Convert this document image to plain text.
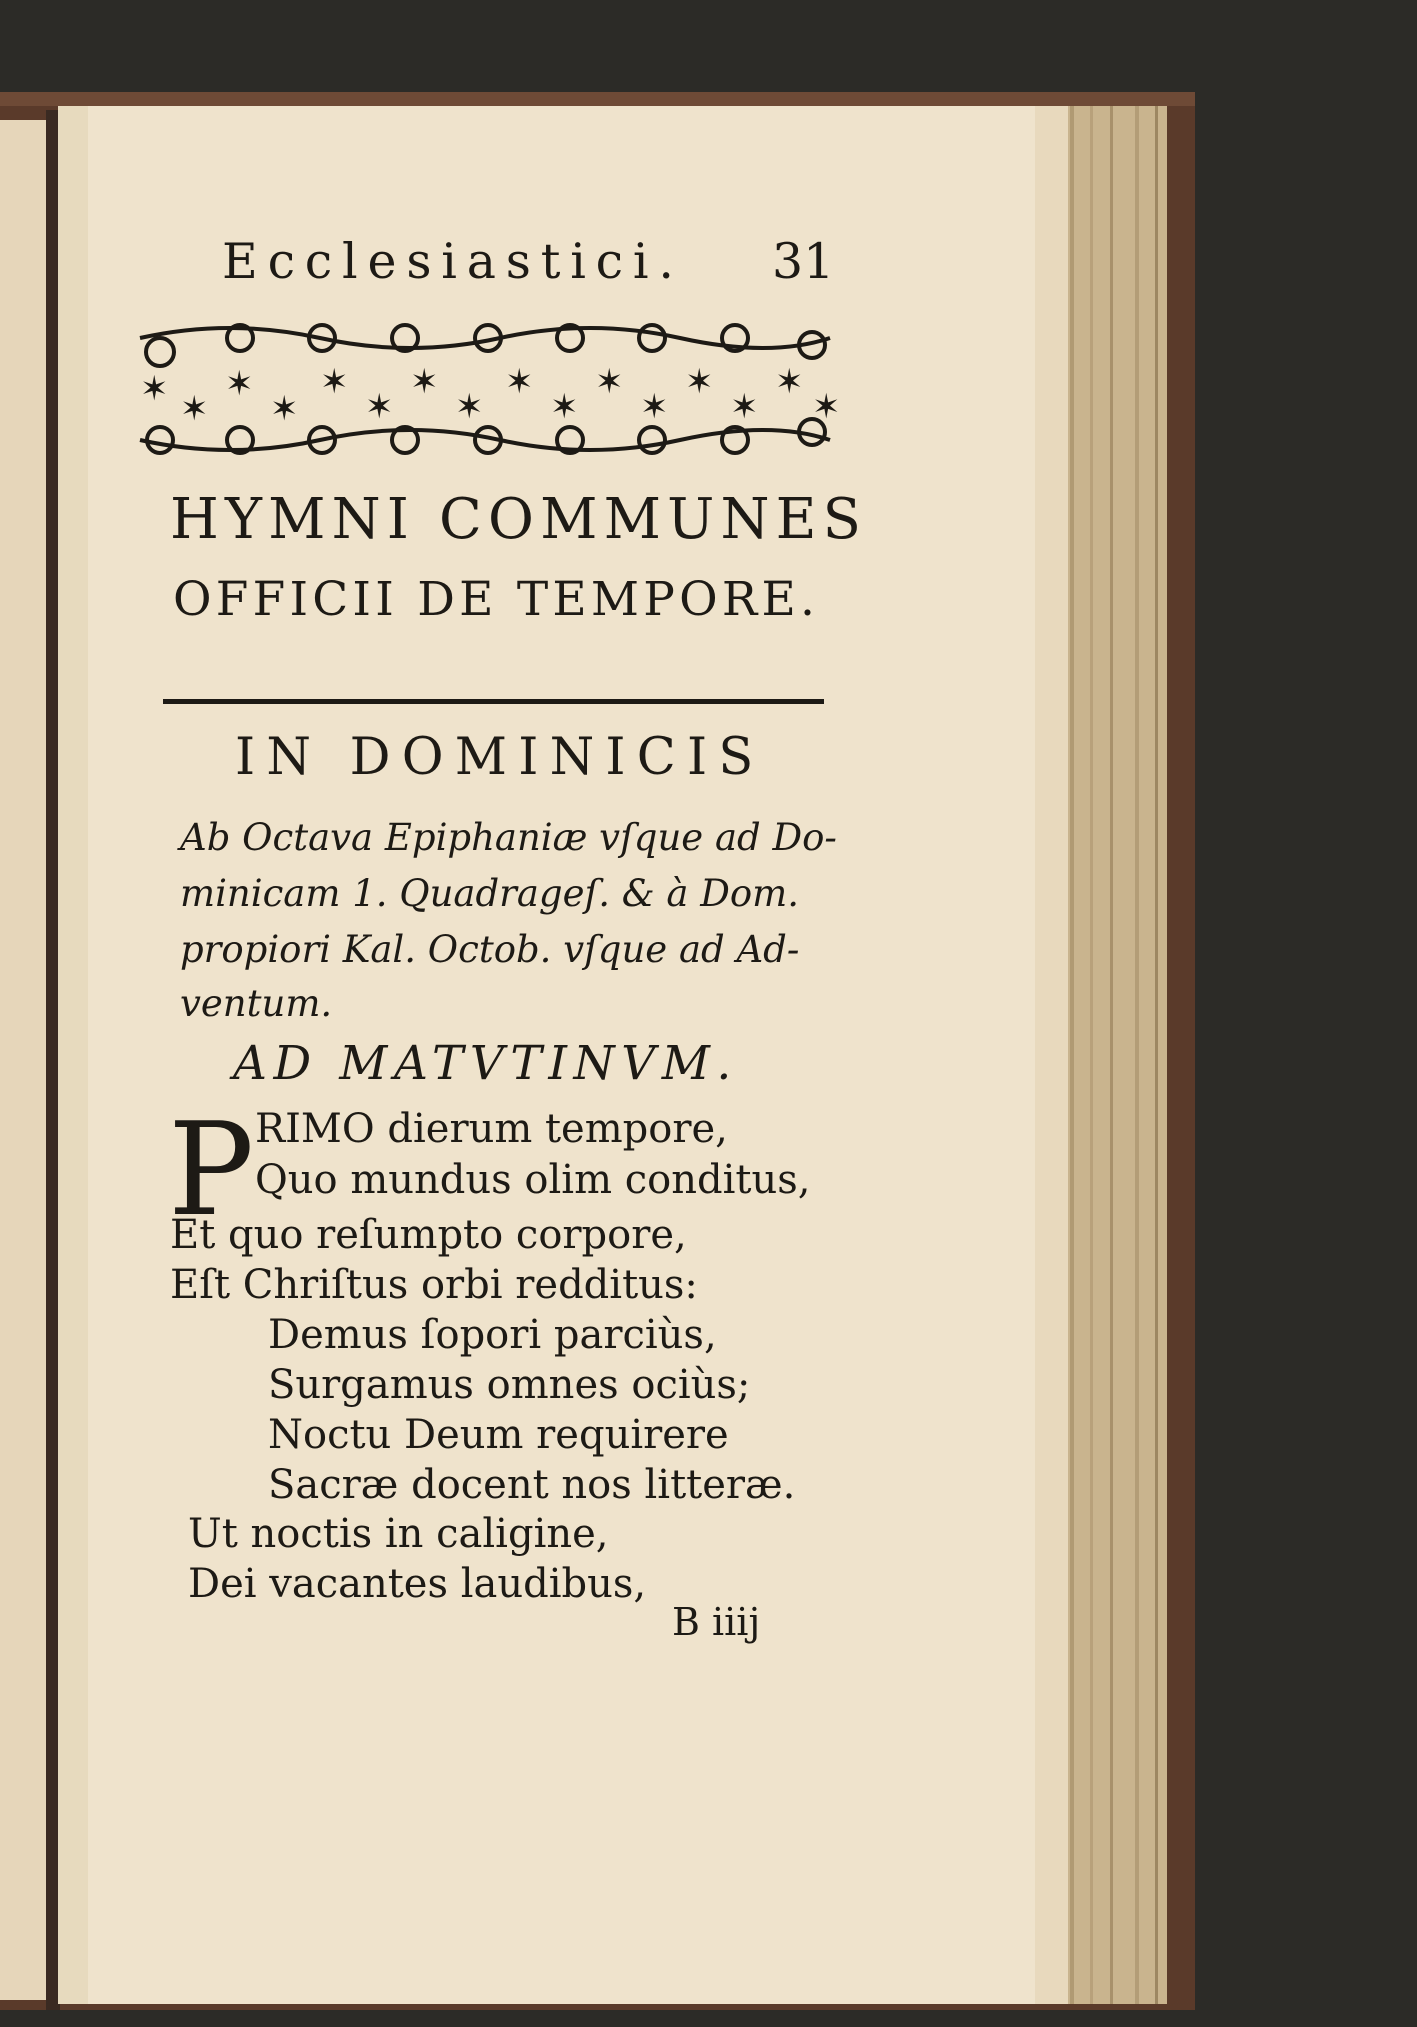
✶ ✶
✶
✶
✶
✶
✶
✶
✶
✶
✶
✶
✶
✶
✶
✶
Ecclesiastici. 31
HYMNI COMMUNES
OFFICII DE TEMPORE.
IN DOMINICIS
Ab Octava Epiphaniæ vſque ad Do-
minicam 1. Quadrageſ. & à Dom.
propiori Kal. Octob. vſque ad Ad-
ventum.
AD MATVTINVM.
P RIMO dierum tempore,
Quo mundus olim conditus,
Et quo reſumpto corpore,
Eſt Chriſtus orbi redditus:
Demus ſopori parciùs,
Surgamus omnes ociùs;
Noctu Deum requirere
Sacræ docent nos litteræ.
Ut noctis in caligine,
Dei vacantes laudibus,
B iiij
